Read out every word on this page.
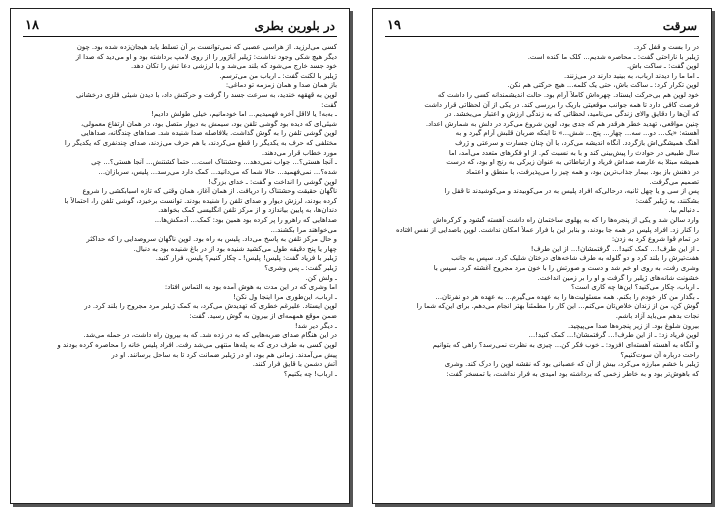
در بلورین بطری
۱۸
کسی می‌لرزید. از هراسی عصبی که نمی‌توانست بر آن تسلط یابد هیجان‌زده شده بود. چون
دیگر هیچ شکی وجود نداشت: ژیلبر آباژور را از روی لامپ برداشته بود و او می‌دید که صدا از
خود جسد خارج می‌شود که بلند می‌شد و با لرزشی دعا تش را تکان دهد.
ژیلبر با لکنت گفت: ـ ارباب من می‌ترسم.
باز همان صدا و همان زمزمه تو دماغی:
لوپن به قهقهه خندید، به سرعت جسد را گرفت و حرکتش داد، با دیدن شیئی فلزی درخشانی
گفت:
ـ به‌به! یا لااقل آخره فهمیدیم... اما خودمانیم، خیلی طولش دادیم!
شیئی‌ای که دیده بود گوشی تلفن بود، سیمش به دیوار متصل بود، در همان ارتفاع معمولی،
لوپن گوشی تلفن را به گوش گذاشت. بلافاصله صدا شنیده شد. صداهای چندگانه، صداهایی
مختلفی که حرف به یکدیگر را قطع می‌کردند، با هم حرف می‌زدند، صدای چندنفری که یکدیگر را
مورد خطاب قرار می‌دهند.
ـ آنجا هستی؟... جواب نمی‌دهد... وحشتناک است... حتماً کشتنش... آنجا هستی؟... چی
شده؟... نمی‌فهمید... حالا شما که می‌دانید... کمک دارد می‌رسد... پلیس، سربازان...
لوپن گوشی را انداخت و گفت: ـ خدای بزرگ!
ناگهان حقیقت وحشتناک را دریافت. از همان آغاز، همان وقتی که تازه اسبابکشی را شروع
کرده بودند، لرزش دیوار و صدای تلفن را شنیده بودند. توانست برخیزد، گوشی تلفن را، احتمالاً با
دندان‌ها، به پایین بیاندازد و از مرکز تلفن انگلیسی کمک بخواهد.
صداهایی که راهرو را پر کرده بود همین بود: کمک... آدمکش‌ها...
می‌خواهند مرا بکشند...
و حال مرکز تلفن به پاسخ می‌داد. پلیس به راه بود. لوپن ناگهان سروصدایی را که حداکثر
چهار یا پنج دقیقه طول می‌کشید شنیده بود از در باغ شنیده بود به دنبال.
ژیلبر با فریاد گفت: پلیس! پلیس! ـ چکار کنیم؟ پلیس، فرار کنید.
ژیلبر گفت: ـ پس وشری؟
ـ ولش کن.
اما وشری که در این مدت به هوش آمده بود به التماس افتاد:
ـ ارباب، این‌طوری مرا اینجا ول نکن!
لوپن ایستاد. علیرغم خطری که تهدیدش می‌کرد، به کمک ژیلبر مرد مجروح را بلند کرد. در
ضمن موقع همهمه‌ای از بیرون به گوش رسید. گفت:
ـ دیگر دیر شد!
در این هنگام صدای ضربه‌هایی که به در زده شد. که به بیرون راه داشت، در حمله می‌شد.
لوپن کسی به طرف دری که به پله‌ها منتهی می‌شد رفت. افراد پلیس خانه را محاصره کرده بودند و
پیش می‌آمدند. زمانی هم بود، او در ژیلبر ضمانت کرد تا به ساحل برسانند. او در
آتش دشمن با قایق فرار کنند.
ـ ارباب! چه بکنیم؟
سرقت
۱۹
در را بست و قفل کرد.
ژیلبر با ناراحتی گفت: ـ محاصره شدیم... کلک ما کنده است.
لوپن گفت: ـ ساکت باش.
ـ اما ما را دیدند ارباب، به بینید دارند در می‌زنند.
لوپن تکرار کرد: ـ ساکت باش، حتی یک کلمه... هیچ حرکتی هم نکن.
خود لوپن هم بی‌حرکت ایستاد. چهره‌اش کاملاً آرام بود. حالت اندیشمندانه کسی را داشت که
فرصت کافی دارد تا همه جوانب موقعیتی باریک را بررسی کند. در یکی از آن لحظاتی قرار داشت
که آن‌ها را دقایق والای زندگی می‌نامید، لحظاتی که به زندگی ارزش و اعتبار می‌بخشد. در
چنین مواقعی، تهدید خطر هرقدر هم که جدی بود، لوپن شروع می‌کرد در دلش به شمارش اعداد.
آهسته: «یک... دو... سه... چهار... پنج... شش...» تا اینکه ضربان قلبش آرام گیرد و به
آهنگ همیشگی‌اش بازگردد. آنگاه اندیشه می‌کرد، با آن چنان جسارت و سرعتی و ژرف
سال طبیعی در حوادث را پیش‌بینی کند و با به نسبت کم. از او فکرهای متعدد می‌آمد، اما
همیشه مبتلا به عارضه صداش فریاد و ارتباطاتی به عنوان زیرکی به رنج او بود، که درست
در ذهنش باز بود. بیمار جذاب‌ترین بود، و همه چیز را می‌پذیرفت، با منطق و اعتماد
تصمیم می‌گرفت.
پس از سی و یا چهل ثانیه، درحالی‌که افراد پلیس به در می‌کوبیدند و می‌کوشیدند تا قفل را
بشکنند، به ژیلبر گفت:
ـ دنبالم بیا.
وارد سالن شد و یکی از پنجره‌ها را که به پهلوی ساختمان راه داشت آهسته گشود و کرکره‌اش
را کنار زد. افراد پلیس در همه جا بودند، و بنابر این با فرار عملاً امکان نداشت. لوپن باصدایی از نفس افتاده
در تمام قوا شروع کرد به زدن:
ـ از این طرف!... کمک کنید!... گرفتمشان!... از این طرف!
هفت‌تیرش را بلند کرد و دو گلوله به طرف شاخه‌های درختان شلیک کرد. سپس به جانب
وشری رفت، به روی او خم شد و دست و صورتش را با خون مرد مجروح آغشته کرد. سپس با
خشونت شانه‌های ژیلبر را گرفت و او را بر زمین انداخت.
ـ ارباب، چکار می‌کنید؟ این‌ها چه کاری است؟
ـ بگذار من کار خودم را بکنم. همه مسئولیت‌ها را به عهده می‌گیرم... به عهده هر دو نفرتان...
گوش کن، من از زندان خلاص‌تان می‌کنم... این کار را مطمئناً بهتر انجام می‌دهم. برای این‌که شما را
نجات بدهم می‌باید آزاد باشم.
بیرون شلوغ بود. از زیر پنجره‌ها صدا می‌پیچید.
لوپن فریاد زد: ـ از این طرف!... گرفتمشان!... کمک کنید!...
و آنگاه به آهسته آهسته‌ای افزود: ـ خوب فکر کن... چیزی به نظرت نمی‌رسد؟ راهی که بتوانیم
راحت درباره آن سوت‌کنیم؟
ژیلبر با خشم مبارزه می‌کرد، بیش از آن که عصبانی بود که نقشه لوپن را درک کند. وشری
که باهوش‌تر بود و به خاطر زخمی که برداشته بود امیدی به فرار نداشت، با تمسخر گفت:
